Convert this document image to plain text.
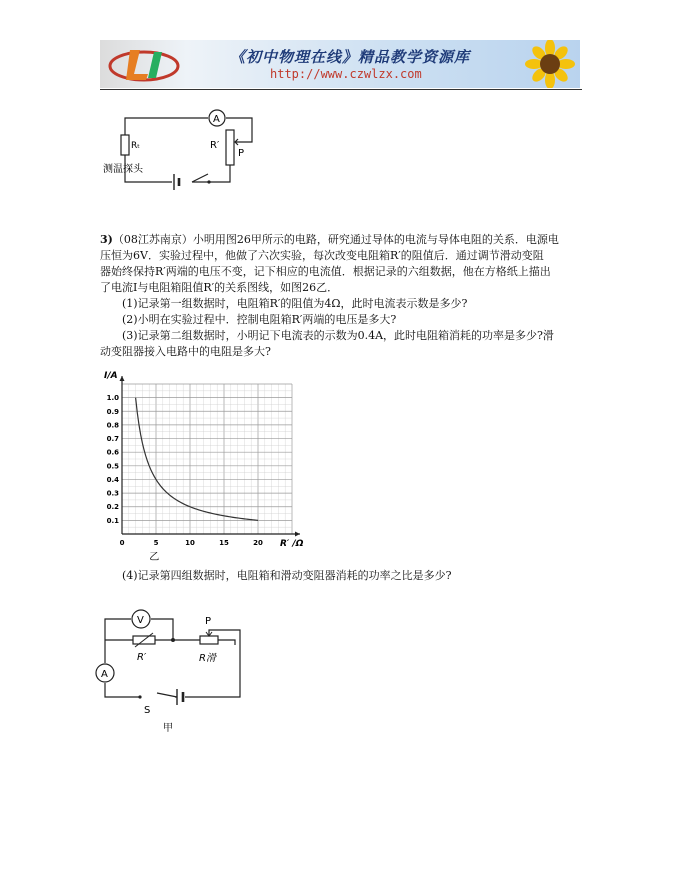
《初中物理在线》精品教学资源库
http://www.czwlzx.com
A
Rₜ	R′
P
测温探头
3)（08江苏南京）小明用图26甲所示的电路，研究通过导体的电流与导体电阻的关系．电源电
压恒为6V．实验过程中，他做了六次实验，每次改变电阻箱R′的阻值后．通过调节滑动变阻
器始终保持R′两端的电压不变，记下相应的电流值．根据记录的六组数据，他在方格纸上描出
了电流I与电阻箱阻值R′的关系图线，如图26乙．
(1)记录第一组数据时，电阻箱R′的阻值为4Ω，此时电流表示数是多少?
(2)小明在实验过程中．控制电阻箱R′两端的电压是多大?
(3)记录第二组数据时，小明记下电流表的示数为0.4A，此时电阻箱消耗的功率是多少?滑
动变阻器接入电路中的电阻是多大?
0	5	10	15	20
0.1
0.2
0.3
0.4
0.5
0.6
0.7
0.8
0.9
1.0
I/A
R′ /Ω
乙
(4)记录第四组数据时，电阻箱和滑动变阻器消耗的功率之比是多少?
A
V
R′
P
R滑
S
甲
